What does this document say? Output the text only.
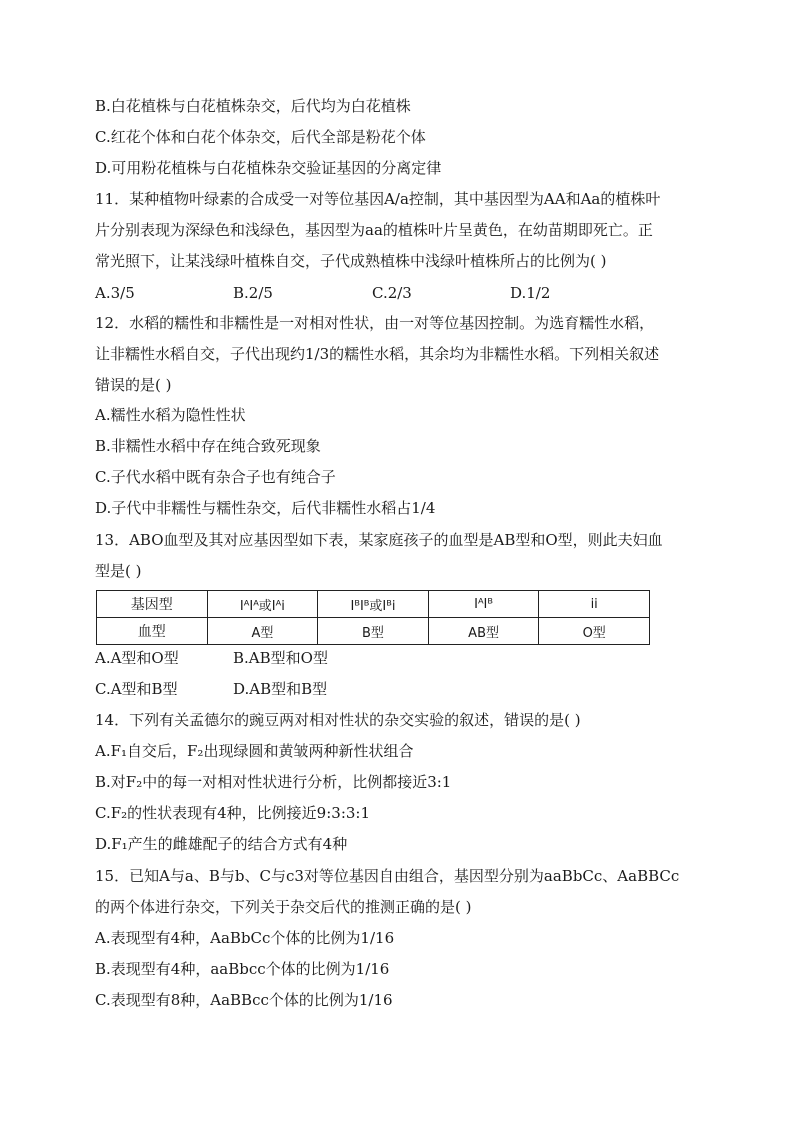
B.白花植株与白花植株杂交，后代均为白花植株
C.红花个体和白花个体杂交，后代全部是粉花个体
D.可用粉花植株与白花植株杂交验证基因的分离定律
11．某种植物叶绿素的合成受一对等位基因A/a控制，其中基因型为AA和Aa的植株叶
片分别表现为深绿色和浅绿色，基因型为aa的植株叶片呈黄色，在幼苗期即死亡。正
常光照下，让某浅绿叶植株自交，子代成熟植株中浅绿叶植株所占的比例为( )
A.3/5	B.2/5	C.2/3	D.1/2
12．水稻的糯性和非糯性是一对相对性状，由一对等位基因控制。为选育糯性水稻，
让非糯性水稻自交，子代出现约1/3的糯性水稻，其余均为非糯性水稻。下列相关叙述
错误的是( )
A.糯性水稻为隐性性状
B.非糯性水稻中存在纯合致死现象
C.子代水稻中既有杂合子也有纯合子
D.子代中非糯性与糯性杂交，后代非糯性水稻占1/4
13．ABO血型及其对应基因型如下表，某家庭孩子的血型是AB型和O型，则此夫妇血
型是( )
基因型	IᴬIᴬ或Iᴬi	IᴮIᴮ或Iᴮi	IᴬIᴮ	ii
血型	A型	B型	AB型	O型
A.A型和O型	B.AB型和O型
C.A型和B型	D.AB型和B型
14．下列有关孟德尔的豌豆两对相对性状的杂交实验的叙述，错误的是( )
A.F₁自交后，F₂出现绿圆和黄皱两种新性状组合
B.对F₂中的每一对相对性状进行分析，比例都接近3:1
C.F₂的性状表现有4种，比例接近9:3:3:1
D.F₁产生的雌雄配子的结合方式有4种
15．已知A与a、B与b、C与c3对等位基因自由组合，基因型分别为aaBbCc、AaBBCc
的两个体进行杂交，下列关于杂交后代的推测正确的是( )
A.表现型有4种，AaBbCc个体的比例为1/16
B.表现型有4种，aaBbcc个体的比例为1/16
C.表现型有8种，AaBBcc个体的比例为1/16
